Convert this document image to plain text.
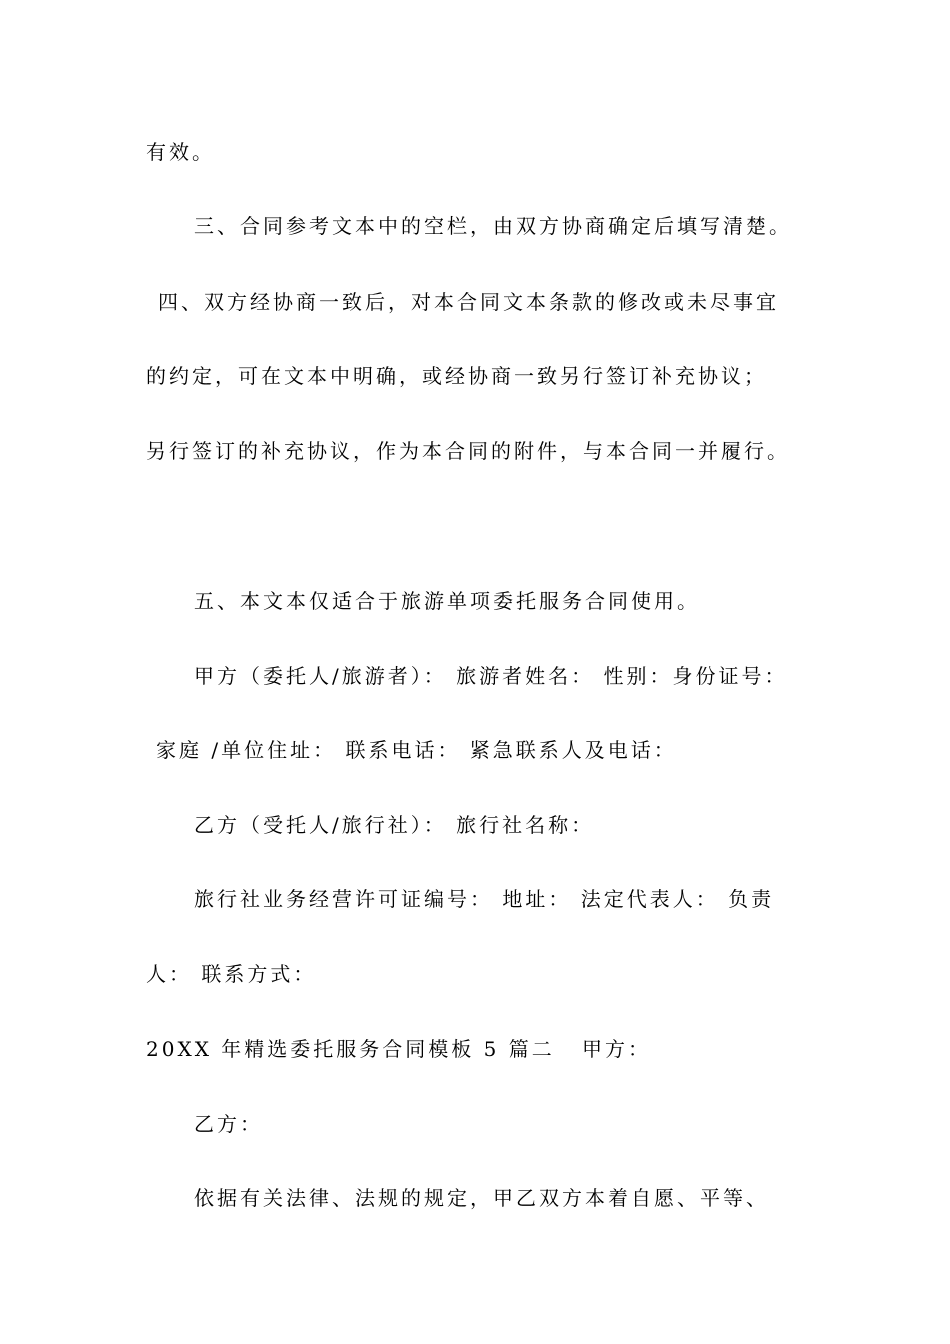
有效。
三、合同参考文本中的空栏，由双方协商确定后填写清楚。
四、双方经协商一致后，对本合同文本条款的修改或未尽事宜
的约定，可在文本中明确，或经协商一致另行签订补充协议；
另行签订的补充协议，作为本合同的附件，与本合同一并履行。
五、本文本仅适合于旅游单项委托服务合同使用。
甲方（委托人/旅游者）： 旅游者姓名： 性别：身份证号：
家庭 /单位住址： 联系电话： 紧急联系人及电话：
乙方（受托人/旅行社）： 旅行社名称：
旅行社业务经营许可证编号： 地址： 法定代表人： 负责
人： 联系方式：
20XX 年精选委托服务合同模板 5 篇二 甲方：
乙方：
依据有关法律、法规的规定，甲乙双方本着自愿、平等、
